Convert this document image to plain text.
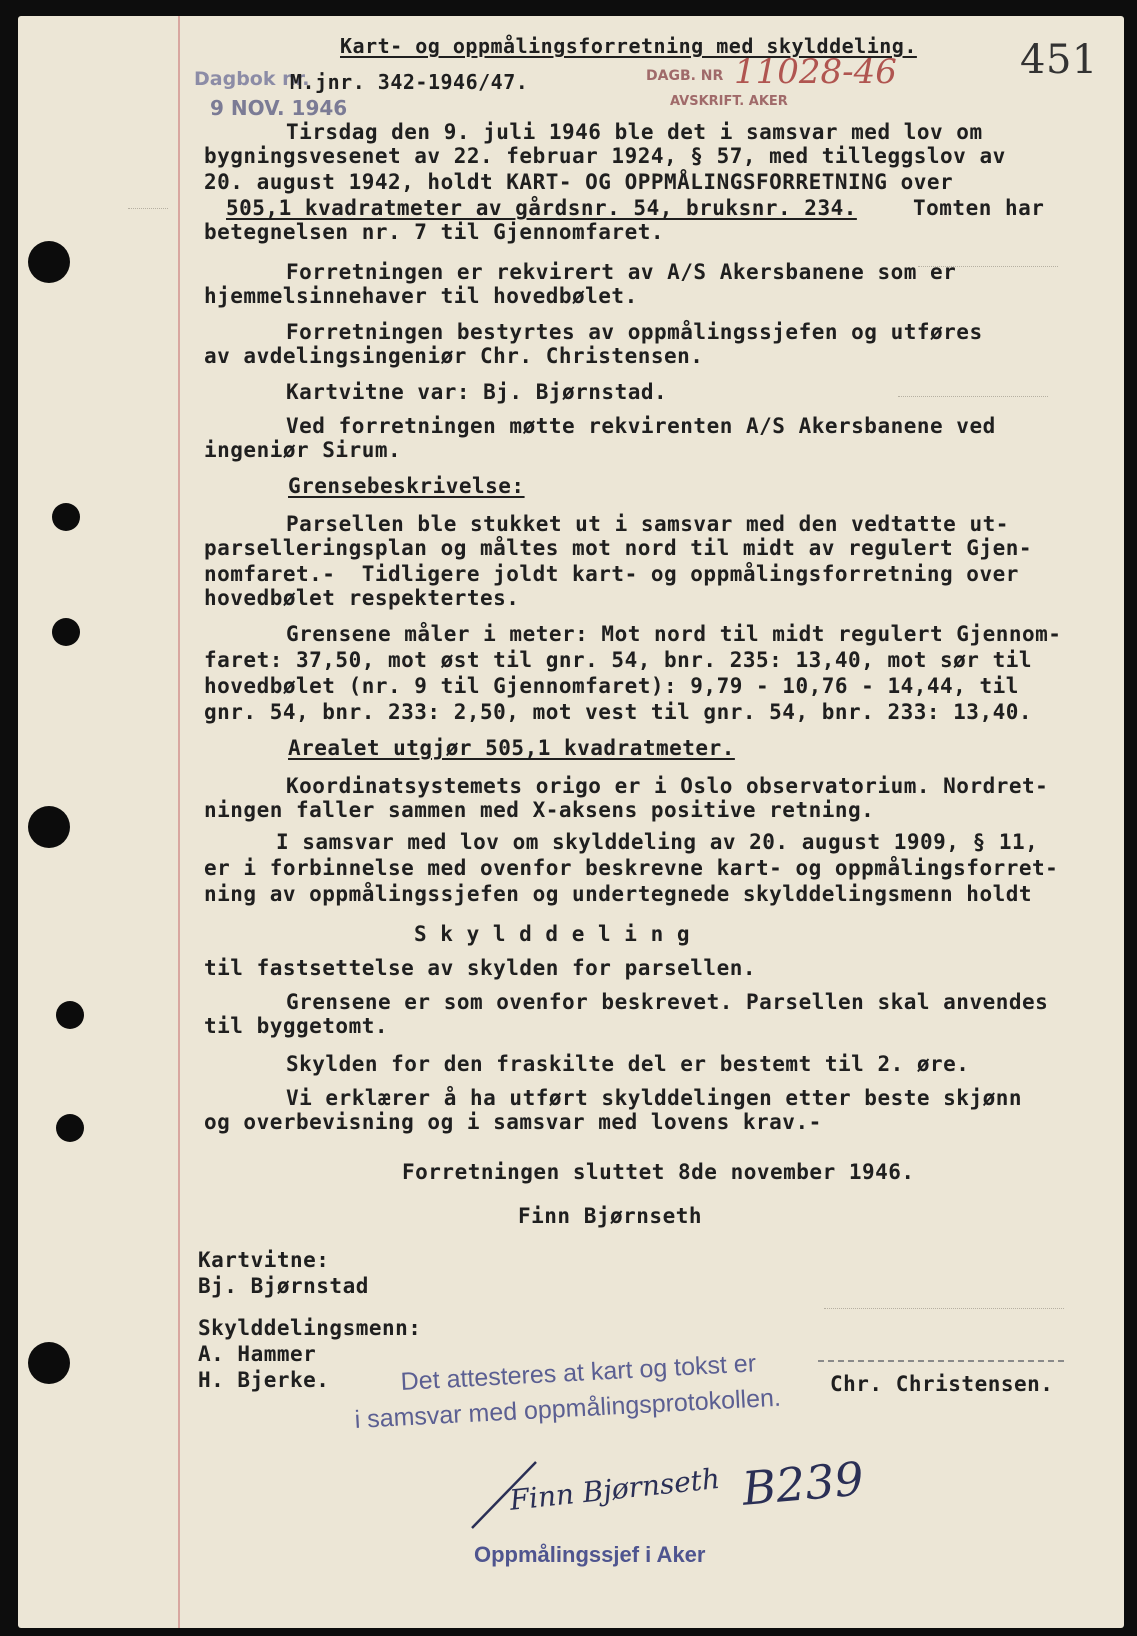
Kart- og oppmålingsforretning med skylddeling.	451
Dagbok nr.
M.jnr. 342-1946/47.
9 NOV. 1946
DAGB. NR 11028-46
AVSKRIFT. AKER
Tirsdag den 9. juli 1946 ble det i samsvar med lov om
bygningsvesenet av 22. februar 1924, § 57, med tilleggslov av
20. august 1942, holdt KART- OG OPPMÅLINGSFORRETNING over
505,1 kvadratmeter av gårdsnr. 54, bruksnr. 234.	Tomten har
betegnelsen nr. 7 til Gjennomfaret.
Forretningen er rekvirert av A/S Akersbanene som er
hjemmelsinnehaver til hovedbølet.
Forretningen bestyrtes av oppmålingssjefen og utføres
av avdelingsingeniør Chr. Christensen.
Kartvitne var: Bj. Bjørnstad.
Ved forretningen møtte rekvirenten A/S Akersbanene ved
ingeniør Sirum.
Grensebeskrivelse:
Parsellen ble stukket ut i samsvar med den vedtatte ut-
parselleringsplan og måltes mot nord til midt av regulert Gjen-
nomfaret.-  Tidligere joldt kart- og oppmålingsforretning over
hovedbølet respektertes.
Grensene måler i meter: Mot nord til midt regulert Gjennom-
faret: 37,50, mot øst til gnr. 54, bnr. 235: 13,40, mot sør til
hovedbølet (nr. 9 til Gjennomfaret): 9,79 - 10,76 - 14,44, til
gnr. 54, bnr. 233: 2,50, mot vest til gnr. 54, bnr. 233: 13,40.
Arealet utgjør 505,1 kvadratmeter.
Koordinatsystemets origo er i Oslo observatorium. Nordret-
ningen faller sammen med X-aksens positive retning.
I samsvar med lov om skylddeling av 20. august 1909, § 11,
er i forbinnelse med ovenfor beskrevne kart- og oppmålingsforret-
ning av oppmålingssjefen og undertegnede skylddelingsmenn holdt
S k y l d d e l i n g
til fastsettelse av skylden for parsellen.
Grensene er som ovenfor beskrevet. Parsellen skal anvendes
til byggetomt.
Skylden for den fraskilte del er bestemt til 2. øre.
Vi erklærer å ha utført skylddelingen etter beste skjønn
og overbevisning og i samsvar med lovens krav.-
Forretningen sluttet 8de november 1946.
Finn Bjørnseth
Kartvitne:
Bj. Bjørnstad
Skylddelingsmenn:
A. Hammer
H. Bjerke.	Chr. Christensen.
Det attesteres at kart og tokst er
i samsvar med oppmålingsprotokollen.
Finn Bjørnseth B239
Oppmålingssjef i Aker
